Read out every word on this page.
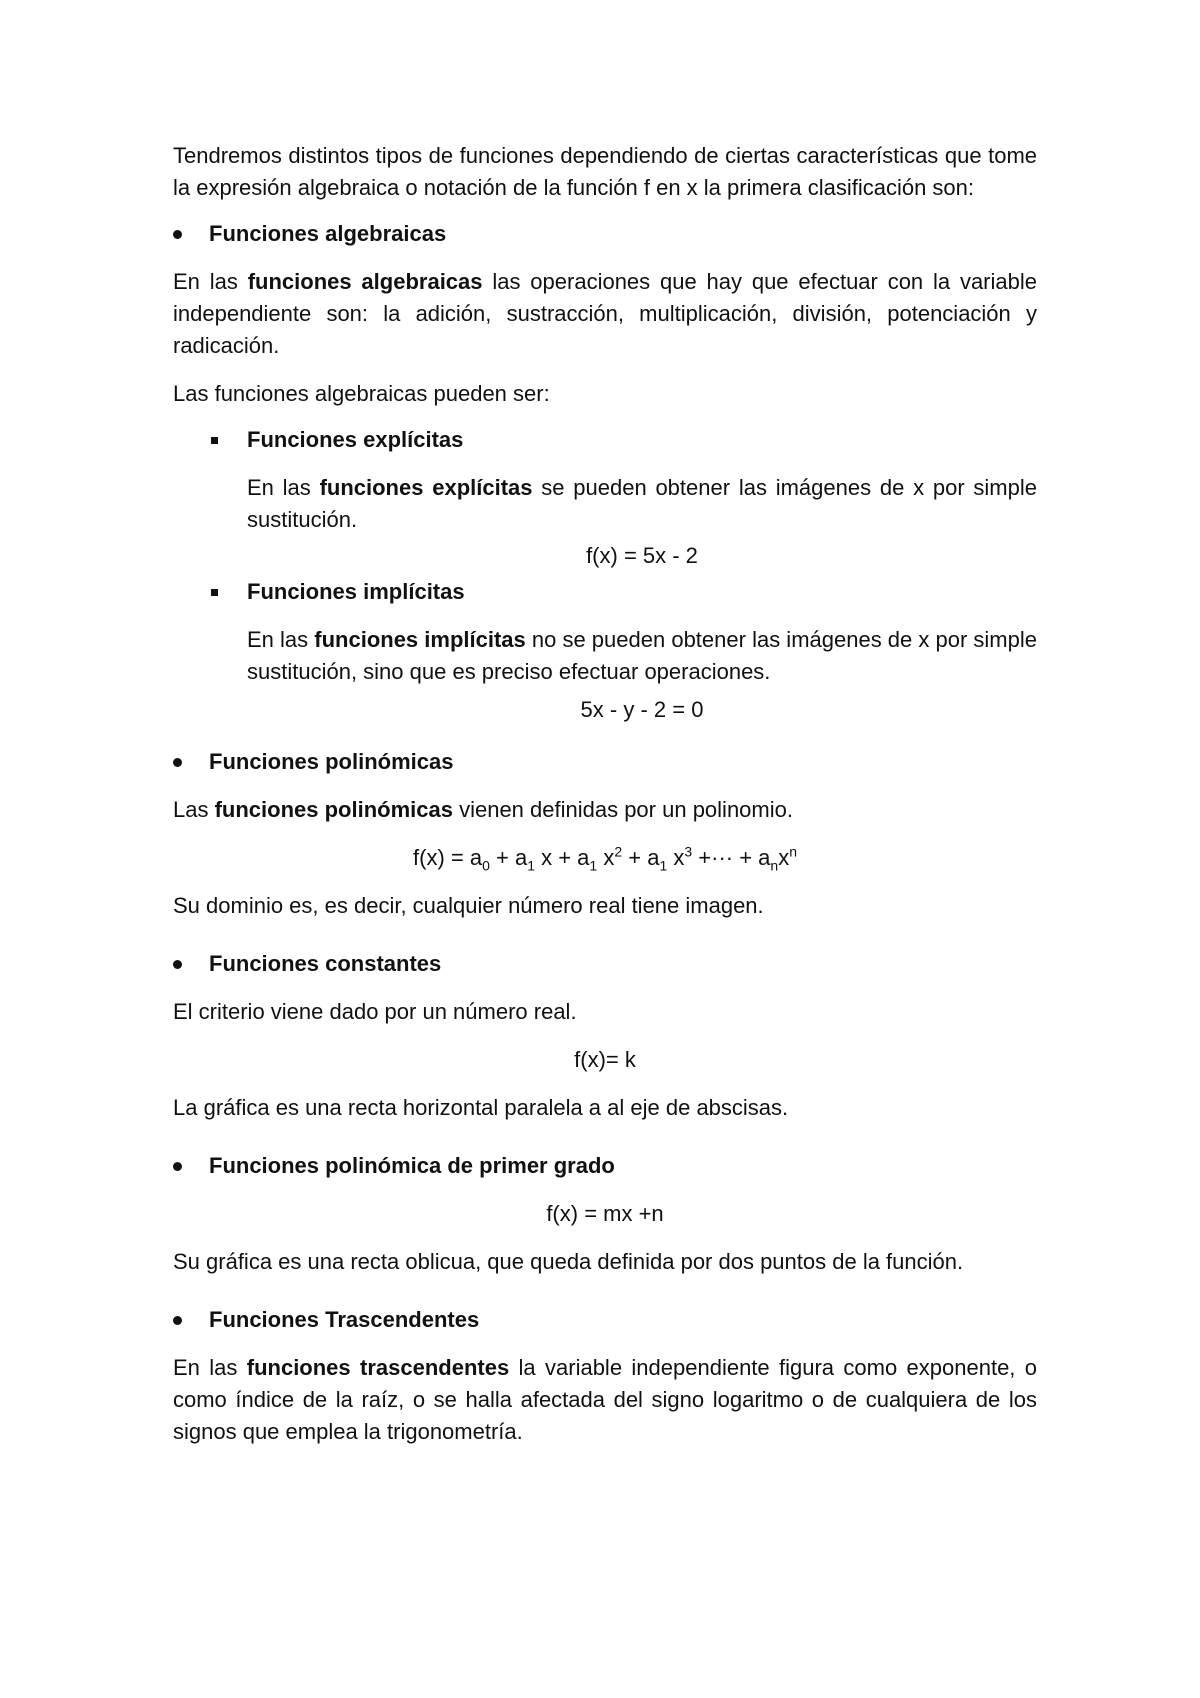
Tendremos distintos tipos de funciones dependiendo de ciertas características que tome la expresión algebraica o notación de la función f en x la primera clasificación son:

Funciones algebraicas

En las funciones algebraicas las operaciones que hay que efectuar con la variable independiente son: la adición, sustracción, multiplicación, división, potenciación y radicación.

Las funciones algebraicas pueden ser:

Funciones explícitas

En las funciones explícitas se pueden obtener las imágenes de x por simple sustitución.

f(x) = 5x - 2

Funciones implícitas

En las funciones implícitas no se pueden obtener las imágenes de x por simple sustitución, sino que es preciso efectuar operaciones.

5x - y - 2 = 0

Funciones polinómicas

Las funciones polinómicas vienen definidas por un polinomio.

$f(x) = a_0 + a_1$ $x + a_1$ $x^2 + a_1$ $x^3$ +··· + $a_nx^n$

Su dominio es, es decir, cualquier número real tiene imagen.

Funciones constantes

El criterio viene dado por un número real.

f(x)= k

La gráfica es una recta horizontal paralela a al eje de abscisas.

Funciones polinómica de primer grado

f(x) = mx +n

Su gráfica es una recta oblicua, que queda definida por dos puntos de la función.

Funciones Trascendentes

En las funciones trascendentes la variable independiente figura como exponente, o como índice de la raíz, o se halla afectada del signo logaritmo o de cualquiera de los signos que emplea la trigonometría.
